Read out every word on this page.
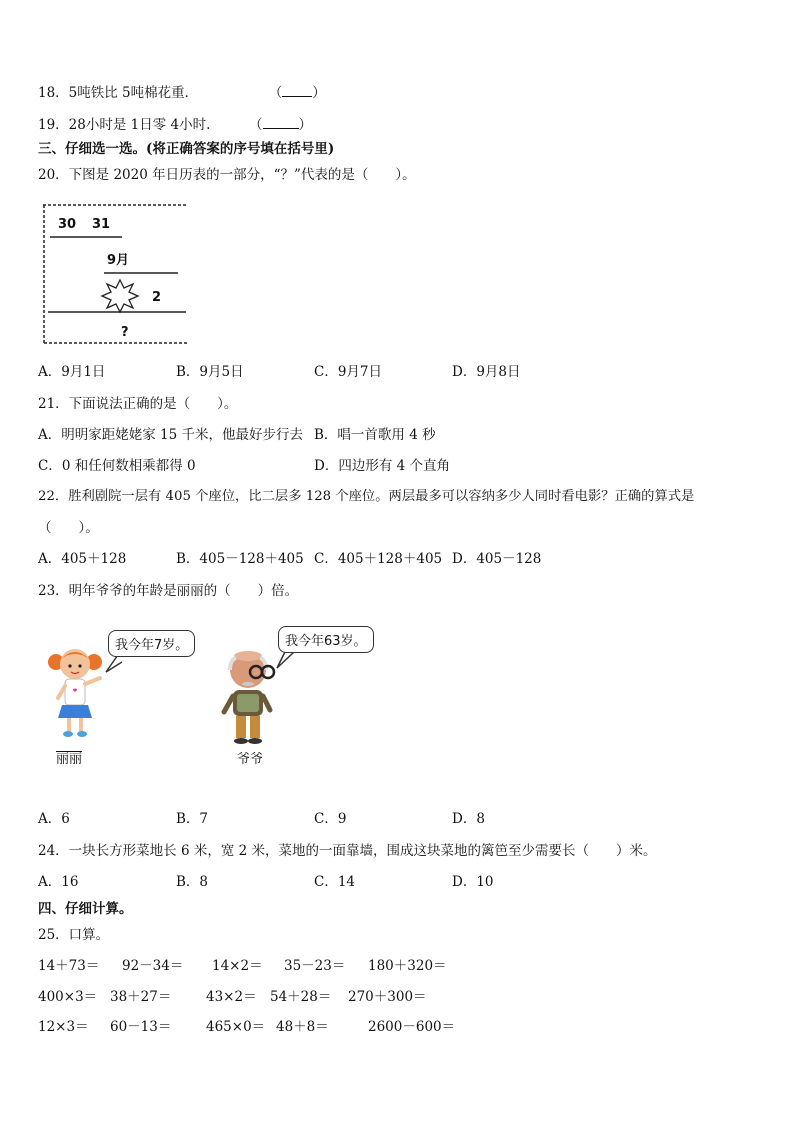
18．5吨铁比 5吨棉花重．	（ ）
19．28小时是 1日零 4小时.	（	）
三、仔细选一选。(将正确答案的序号填在括号里)
20．下图是 2020 年日历表的一部分，“？”代表的是（　　）。
30 31
9月
2
?
A．9月1日	B．9月5日	C．9月7日	D．9月8日
21．下面说法正确的是（　　）。
A．明明家距姥姥家 15 千米，他最好步行去 B．唱一首歌用 4 秒
C．0 和任何数相乘都得 0	D．四边形有 4 个直角
22．胜利剧院一层有 405 个座位，比二层多 128 个座位。两层最多可以容纳多少人同时看电影？正确的算式是
（　　）。
A．405＋128	B．405－128＋405 C．405＋128＋405 D．405－128
23．明年爷爷的年龄是丽丽的（　　）倍。
我今年7岁。	我今年63岁。
丽丽	爷爷
A．6	B．7	C．9	D．8
24．一块长方形菜地长 6 米，宽 2 米，菜地的一面靠墙，围成这块菜地的篱笆至少需要长（　　）米。
A．16	B．8	C．14	D．10
四、仔细计算。
25．口算。
14＋73＝ 92－34＝ 14×2＝ 35－23＝ 180＋320＝
400×3＝ 38＋27＝	43×2＝ 54＋28＝ 270＋300＝
12×3＝ 60－13＝	465×0＝ 48＋8＝	2600－600＝
